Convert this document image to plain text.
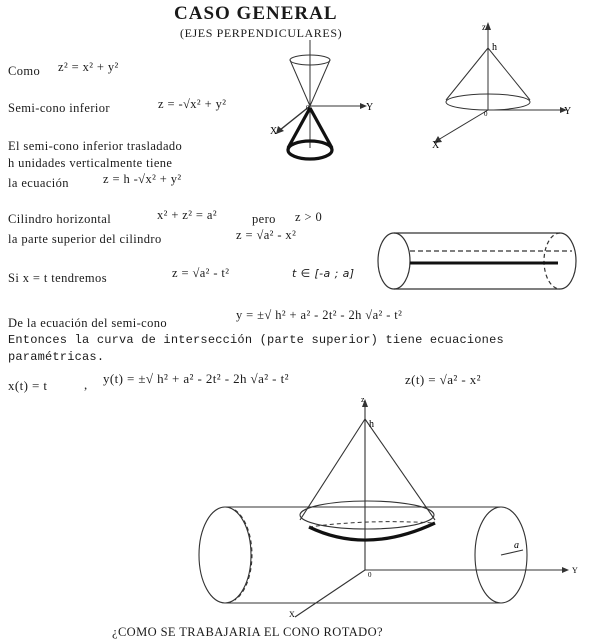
CASO GENERAL
(EJES PERPENDICULARES)
Como z² = x² + y²
Semi-cono inferior	z = -√x² + y²
El semi-cono inferior trasladado
h unidades verticalmente tiene
la ecuación	z = h -√x² + y²
Cilindro horizontal	x² + z² = a²	pero z > 0
la parte superior del cilindro	z = √a² - x²
Si x = t tendremos	z = √a² - t²	t ∈ [-a ; a]
De la ecuación del semi-cono
y = ±√ h² + a² - 2t² - 2h √a² - t²
Entonces la curva de intersección (parte superior) tiene ecuaciones
paramétricas.
x(t) = t	, y(t) = ±√ h² + a² - 2t² - 2h √a² - t²	z(t) = √a² - x²
¿COMO SE TRABAJARIA EL CONO ROTADO?
0	Y
X
z
h
0	Y
X
z
h
0
a
Y
X
